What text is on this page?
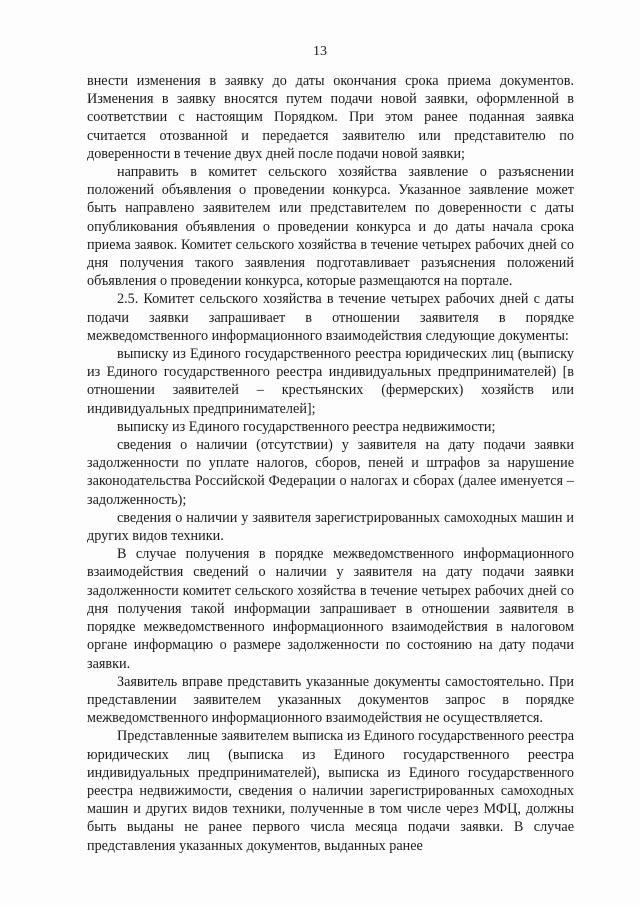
13

внести изменения в заявку до даты окончания срока приема документов. Изменения в заявку вносятся путем подачи новой заявки, оформленной в соответствии с настоящим Порядком. При этом ранее поданная заявка считается отозванной и передается заявителю или представителю по доверенности в течение двух дней после подачи новой заявки;

направить в комитет сельского хозяйства заявление о разъяснении положений объявления о проведении конкурса. Указанное заявление может быть направлено заявителем или представителем по доверенности с даты опубликования объявления о проведении конкурса и до даты начала срока приема заявок. Комитет сельского хозяйства в течение четырех рабочих дней со дня получения такого заявления подготавливает разъяснения положений объявления о проведении конкурса, которые размещаются на портале.

2.5. Комитет сельского хозяйства в течение четырех рабочих дней с даты подачи заявки запрашивает в отношении заявителя в порядке межведомственного информационного взаимодействия следующие документы:

выписку из Единого государственного реестра юридических лиц (выписку из Единого государственного реестра индивидуальных предпринимателей) [в отношении заявителей – крестьянских (фермерских) хозяйств или индивидуальных предпринимателей];

выписку из Единого государственного реестра недвижимости;

сведения о наличии (отсутствии) у заявителя на дату подачи заявки задолженности по уплате налогов, сборов, пеней и штрафов за нарушение законодательства Российской Федерации о налогах и сборах (далее именуется – задолженность);

сведения о наличии у заявителя зарегистрированных самоходных машин и других видов техники.

В случае получения в порядке межведомственного информационного взаимодействия сведений о наличии у заявителя на дату подачи заявки задолженности комитет сельского хозяйства в течение четырех рабочих дней со дня получения такой информации запрашивает в отношении заявителя в порядке межведомственного информационного взаимодействия в налоговом органе информацию о размере задолженности по состоянию на дату подачи заявки.

Заявитель вправе представить указанные документы самостоятельно. При представлении заявителем указанных документов запрос в порядке межведомственного информационного взаимодействия не осуществляется.

Представленные заявителем выписка из Единого государственного реестра юридических лиц (выписка из Единого государственного реестра индивидуальных предпринимателей), выписка из Единого государственного реестра недвижимости, сведения о наличии зарегистрированных самоходных машин и других видов техники, полученные в том числе через МФЦ, должны быть выданы не ранее первого числа месяца подачи заявки. В случае представления указанных документов, выданных ранее
